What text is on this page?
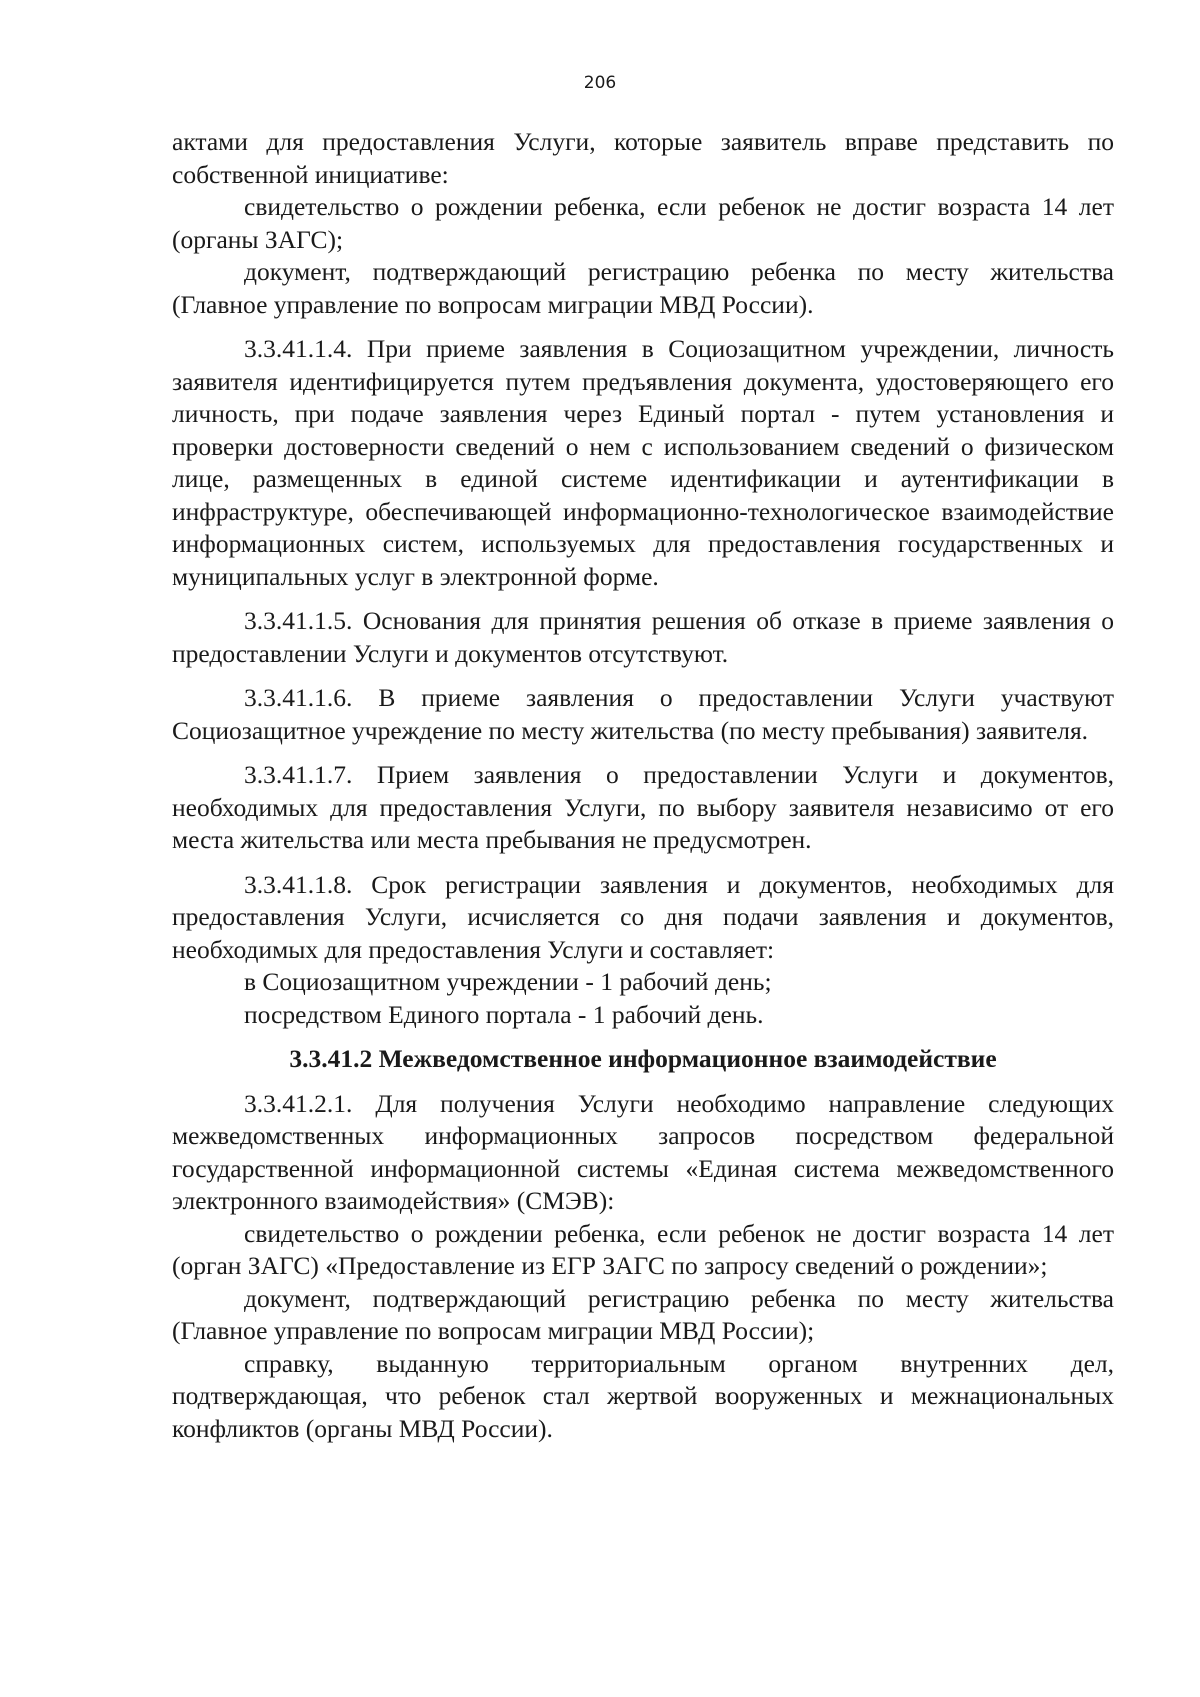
206

актами для предоставления Услуги, которые заявитель вправе представить по собственной инициативе:

свидетельство о рождении ребенка, если ребенок не достиг возраста 14 лет (органы ЗАГС);

документ, подтверждающий регистрацию ребенка по месту жительства (Главное управление по вопросам миграции МВД России).

3.3.41.1.4. При приеме заявления в Социозащитном учреждении, личность заявителя идентифицируется путем предъявления документа, удостоверяющего его личность, при подаче заявления через Единый портал - путем установления и проверки достоверности сведений о нем с использованием сведений о физическом лице, размещенных в единой системе идентификации и аутентификации в инфраструктуре, обеспечивающей информационно-технологическое взаимодействие информационных систем, используемых для предоставления государственных и муниципальных услуг в электронной форме.

3.3.41.1.5. Основания для принятия решения об отказе в приеме заявления о предоставлении Услуги и документов отсутствуют.

3.3.41.1.6. В приеме заявления о предоставлении Услуги участвуют Социозащитное учреждение по месту жительства (по месту пребывания) заявителя.

3.3.41.1.7. Прием заявления о предоставлении Услуги и документов, необходимых для предоставления Услуги, по выбору заявителя независимо от его места жительства или места пребывания не предусмотрен.

3.3.41.1.8. Срок регистрации заявления и документов, необходимых для предоставления Услуги, исчисляется со дня подачи заявления и документов, необходимых для предоставления Услуги и составляет:

в Социозащитном учреждении - 1 рабочий день;

посредством Единого портала - 1 рабочий день.

3.3.41.2 Межведомственное информационное взаимодействие

3.3.41.2.1. Для получения Услуги необходимо направление следующих межведомственных информационных запросов посредством федеральной государственной информационной системы «Единая система межведомственного электронного взаимодействия» (СМЭВ):

свидетельство о рождении ребенка, если ребенок не достиг возраста 14 лет (орган ЗАГС) «Предоставление из ЕГР ЗАГС по запросу сведений о рождении»;

документ, подтверждающий регистрацию ребенка по месту жительства (Главное управление по вопросам миграции МВД России);

справку, выданную территориальным органом внутренних дел, подтверждающая, что ребенок стал жертвой вооруженных и межнациональных конфликтов (органы МВД России).
